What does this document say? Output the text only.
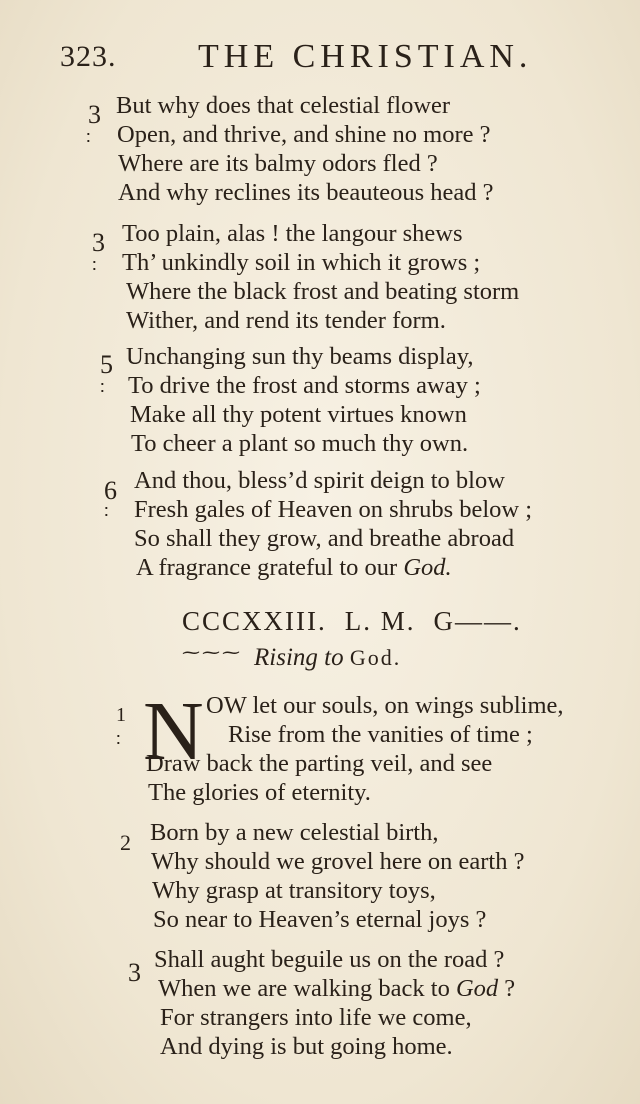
323. THE CHRISTIAN.
3 But why does that celestial flower
Open, and thrive, and shine no more ?
Where are its balmy odors fled ?
And why reclines its beauteous head ?
∶
3 Too plain, alas ! the langour shews
Th’ unkindly soil in which it grows ;
Where the black frost and beating storm
Wither, and rend its tender form.
∶
5 Unchanging sun thy beams display,
To drive the frost and storms away ;
Make all thy potent virtues known
To cheer a plant so much thy own.
∶
6 And thou, bless’d spirit deign to blow
Fresh gales of Heaven on shrubs below ;
So shall they grow, and breathe abroad
A fragrance grateful to our God.
∶
CCCXXIII. L. M. G——.
⁓⁓⁓ Rising to God.
1
∶ N OW let our souls, on wings sublime,
Rise from the vanities of time ;
Draw back the parting veil, and see
The glories of eternity.
2 Born by a new celestial birth,
Why should we grovel here on earth ?
Why grasp at transitory toys,
So near to Heaven’s eternal joys ?
3 Shall aught beguile us on the road ?
When we are walking back to God ?
For strangers into life we come,
And dying is but going home.
